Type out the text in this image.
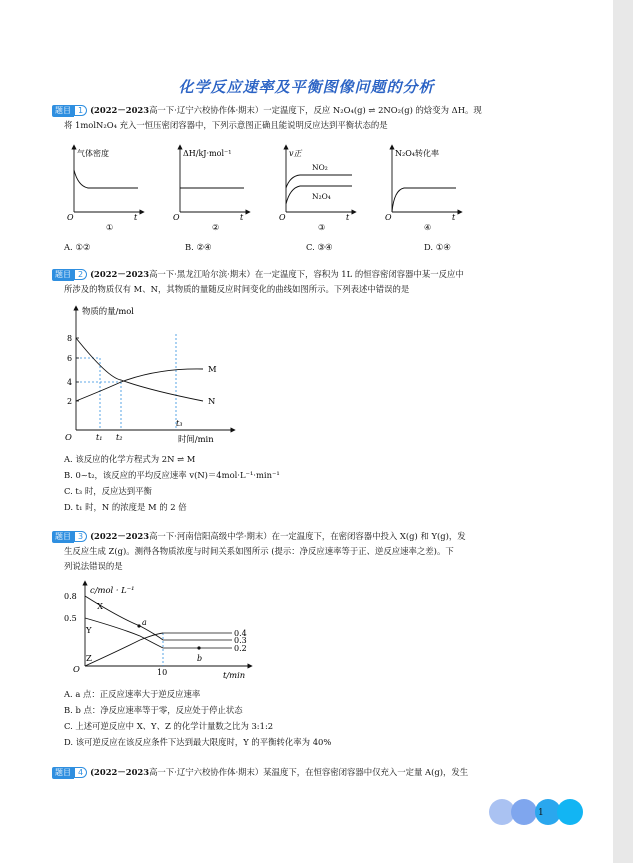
化学反应速率及平衡图像问题的分析
题目 1 (2022－2023高一下·辽宁六校协作体·期末）一定温度下，反应 N₂O₄(g) ⇌ 2NO₂(g) 的焓变为 ΔH。现
将 1molN₂O₄ 充入一恒压密闭容器中，下列示意图正确且能说明反应达到平衡状态的是
气体密度
O	t
①
ΔH/kJ·mol⁻¹
O	t
②
v正
NO₂
N₂O₄
O	t
③
N₂O₄转化率
O	t
④
A. ①②	B. ②④	C. ③④	D. ①④
题目 2 (2022－2023高一下·黑龙江哈尔滨·期末）在一定温度下，容积为 1L 的恒容密闭容器中某一反应中
所涉及的物质仅有 M、N，其物质的量随反应时间变化的曲线如图所示。下列表述中错误的是
物质的量/mol
8
6
4
2
M
N
O	t₁ t₂
t₃
时间/min
A. 该反应的化学方程式为 2N ⇌ M
B. 0~t₂，该反应的平均反应速率 v(N)＝4mol·L⁻¹·min⁻¹
C. t₃ 时，反应达到平衡
D. t₁ 时，N 的浓度是 M 的 2 倍
题目 3 (2022－2023高一下·河南信阳高级中学·期末）在一定温度下，在密闭容器中投入 X(g) 和 Y(g)，发
生反应生成 Z(g)。测得各物质浓度与时间关系如图所示 (提示：净反应速率等于正、逆反应速率之差)。下
列说法错误的是
c/mol · L⁻¹
0.8
0.5
X
Y
Z
a
b
0.4
0.3
0.2
O	10	t/min
A. a 点：正反应速率大于逆反应速率
B. b 点：净反应速率等于零，反应处于停止状态
C. 上述可逆反应中 X、Y、Z 的化学计量数之比为 3:1:2
D. 该可逆反应在该反应条件下达到最大限度时，Y 的平衡转化率为 40%
题目 4 (2022－2023高一下·辽宁六校协作体·期末）某温度下，在恒容密闭容器中仅充入一定量 A(g)，发生
1
